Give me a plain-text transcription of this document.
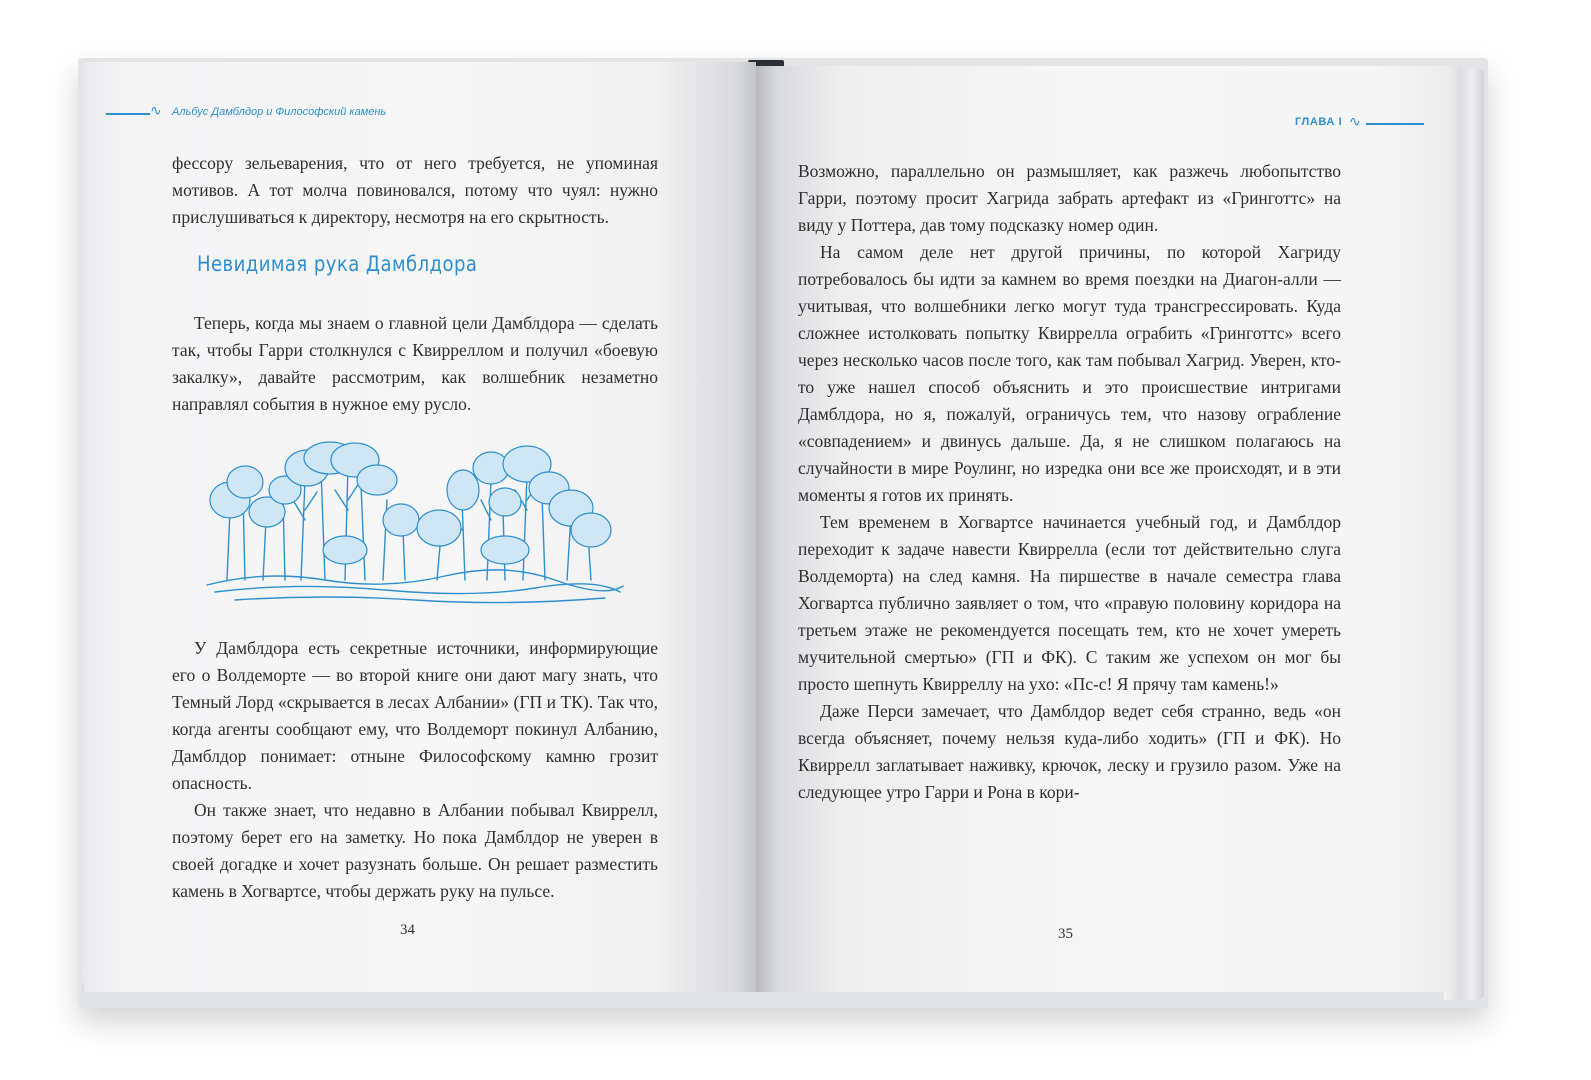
∿ Альбус Дамблдор и Философский камень

фессору зельеварения, что от него требуется, не упоминая мотивов. А тот молча повиновался, потому что чуял: нужно прислушиваться к директору, несмотря на его скрытность.

Невидимая рука Дамблдора

Теперь, когда мы знаем о главной цели Дамблдора — сделать так, чтобы Гарри столкнулся с Квирреллом и получил «боевую закалку», давайте рассмотрим, как волшебник незаметно направлял события в нужное ему русло.

У Дамблдора есть секретные источники, информирующие его о Волдеморте — во второй книге они дают магу знать, что Темный Лорд «скрывается в лесах Албании» (ГП и ТК). Так что, когда агенты сообщают ему, что Волдеморт покинул Албанию, Дамблдор понимает: отныне Философскому камню грозит опасность.

Он также знает, что недавно в Албании побывал Квиррелл, поэтому берет его на заметку. Но пока Дамблдор не уверен в своей догадке и хочет разузнать больше. Он решает разместить камень в Хогвартсе, чтобы держать руку на пульсе.

34
ГЛАВА I ∿

Возможно, параллельно он размышляет, как разжечь любопытство Гарри, поэтому просит Хагрида забрать артефакт из «Гринготтс» на виду у Поттера, дав тому подсказку номер один.

На самом деле нет другой причины, по которой Хагриду потребовалось бы идти за камнем во время поездки на Диагон-алли — учитывая, что волшебники легко могут туда трансгрессировать. Куда сложнее истолковать попытку Квиррелла ограбить «Гринготтс» всего через несколько часов после того, как там побывал Хагрид. Уверен, кто-то уже нашел способ объяснить и это происшествие интригами Дамблдора, но я, пожалуй, ограничусь тем, что назову ограбление «совпадением» и двинусь дальше. Да, я не слишком полагаюсь на случайности в мире Роулинг, но изредка они все же происходят, и в эти моменты я готов их принять.

Тем временем в Хогвартсе начинается учебный год, и Дамблдор переходит к задаче навести Квиррелла (если тот действительно слуга Волдеморта) на след камня. На пиршестве в начале семестра глава Хогвартса публично заявляет о том, что «правую половину коридора на третьем этаже не рекомендуется посещать тем, кто не хочет умереть мучительной смертью» (ГП и ФК). С таким же успехом он мог бы просто шепнуть Квирреллу на ухо: «Пс-с! Я прячу там камень!»

Даже Перси замечает, что Дамблдор ведет себя странно, ведь «он всегда объясняет, почему нельзя куда-либо ходить» (ГП и ФК). Но Квиррелл заглатывает наживку, крючок, леску и грузило разом. Уже на следующее утро Гарри и Рона в кори-

35
